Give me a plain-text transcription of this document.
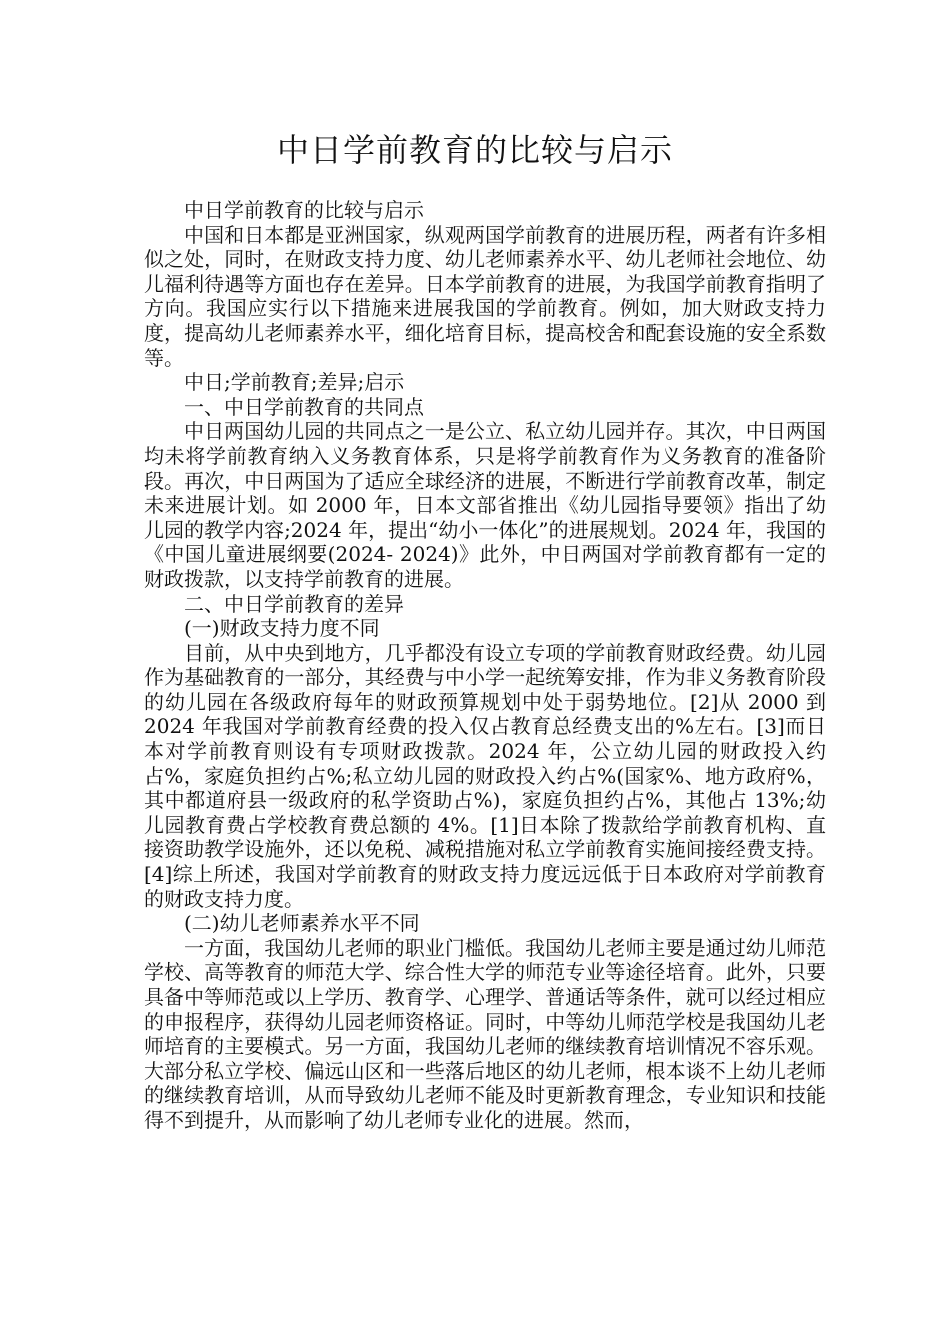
中日学前教育的比较与启示

中日学前教育的比较与启示

中国和日本都是亚洲国家，纵观两国学前教育的进展历程，两者有许多相似之处，同时，在财政支持力度、幼儿老师素养水平、幼儿老师社会地位、幼儿福利待遇等方面也存在差异。日本学前教育的进展，为我国学前教育指明了方向。我国应实行以下措施来进展我国的学前教育。例如，加大财政支持力度，提高幼儿老师素养水平，细化培育目标，提高校舍和配套设施的安全系数等。

中日;学前教育;差异;启示

一、中日学前教育的共同点

中日两国幼儿园的共同点之一是公立、私立幼儿园并存。其次，中日两国均未将学前教育纳入义务教育体系，只是将学前教育作为义务教育的准备阶段。再次，中日两国为了适应全球经济的进展，不断进行学前教育改革，制定未来进展计划。如 2000 年，日本文部省推出《幼儿园指导要领》指出了幼儿园的教学内容;2024 年，提出“幼小一体化”的进展规划。2024 年，我国的《中国儿童进展纲要(2024- 2024)》此外，中日两国对学前教育都有一定的财政拨款，以支持学前教育的进展。

二、中日学前教育的差异

(一)财政支持力度不同

目前，从中央到地方，几乎都没有设立专项的学前教育财政经费。幼儿园作为基础教育的一部分，其经费与中小学一起统筹安排，作为非义务教育阶段的幼儿园在各级政府每年的财政预算规划中处于弱势地位。[2]从 2000 到 2024 年我国对学前教育经费的投入仅占教育总经费支出的%左右。[3]而日本对学前教育则设有专项财政拨款。2024 年，公立幼儿园的财政投入约占%，家庭负担约占%;私立幼儿园的财政投入约占%(国家%、地方政府%，其中都道府县一级政府的私学资助占%)，家庭负担约占%，其他占 13%;幼儿园教育费占学校教育费总额的 4%。[1]日本除了拨款给学前教育机构、直接资助教学设施外，还以免税、减税措施对私立学前教育实施间接经费支持。[4]综上所述，我国对学前教育的财政支持力度远远低于日本政府对学前教育的财政支持力度。

(二)幼儿老师素养水平不同

一方面，我国幼儿老师的职业门槛低。我国幼儿老师主要是通过幼儿师范学校、高等教育的师范大学、综合性大学的师范专业等途径培育。此外，只要具备中等师范或以上学历、教育学、心理学、普通话等条件，就可以经过相应的申报程序，获得幼儿园老师资格证。同时，中等幼儿师范学校是我国幼儿老师培育的主要模式。另一方面，我国幼儿老师的继续教育培训情况不容乐观。大部分私立学校、偏远山区和一些落后地区的幼儿老师，根本谈不上幼儿老师的继续教育培训，从而导致幼儿老师不能及时更新教育理念，专业知识和技能得不到提升，从而影响了幼儿老师专业化的进展。然而，
